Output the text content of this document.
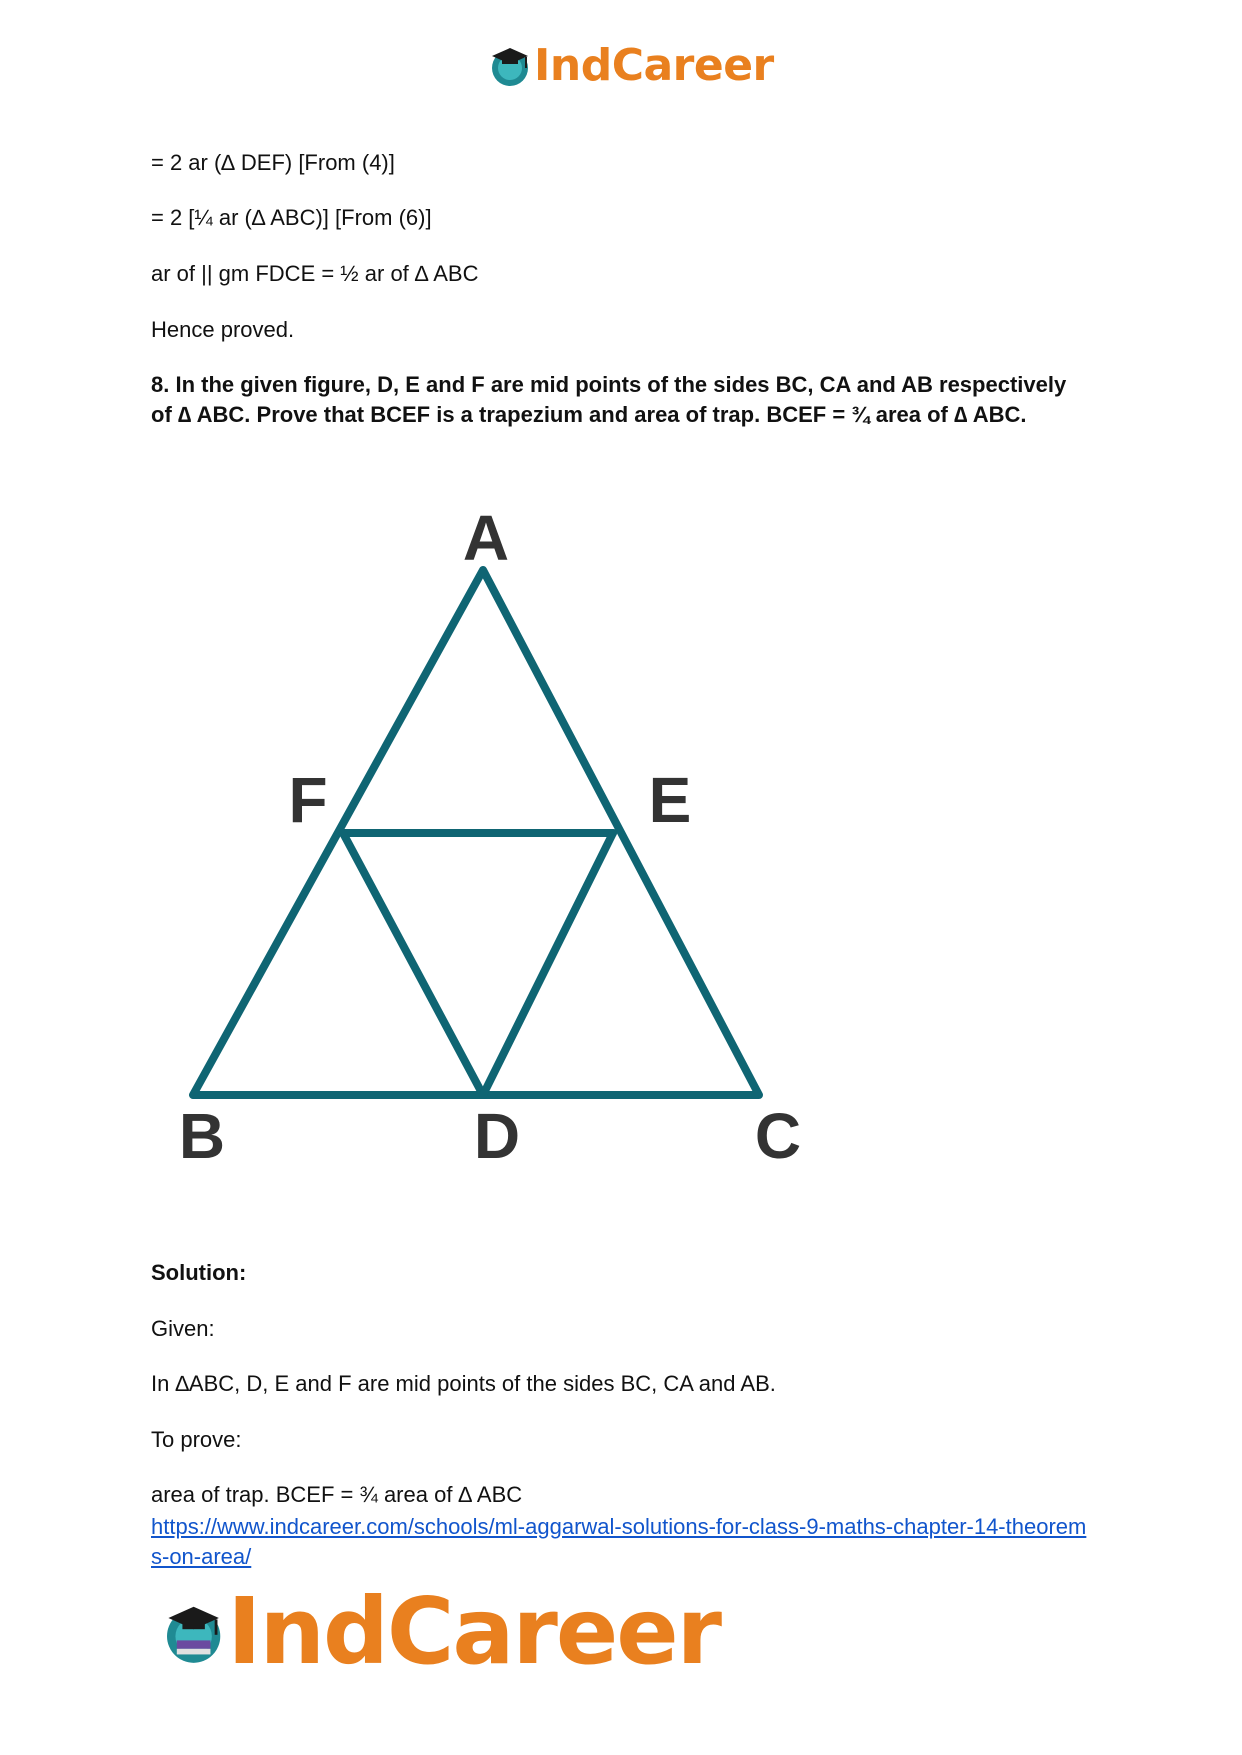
IndCareer

= 2 ar (∆ DEF) [From (4)]

= 2 [¼ ar (∆ ABC)] [From (6)]

ar of || gm FDCE = ½ ar of ∆ ABC

Hence proved.

8. In the given figure, D, E and F are mid points of the sides BC, CA and AB respectively of ∆ ABC. Prove that BCEF is a trapezium and area of trap. BCEF = ¾ area of ∆ ABC.

A
F	E
B	D	C

Solution:

Given:

In ∆ABC, D, E and F are mid points of the sides BC, CA and AB.

To prove:

area of trap. BCEF = ¾ area of ∆ ABC

https://www.indcareer.com/schools/ml-aggarwal-solutions-for-class-9-maths-chapter-14-theorems-on-area/

IndCareer
